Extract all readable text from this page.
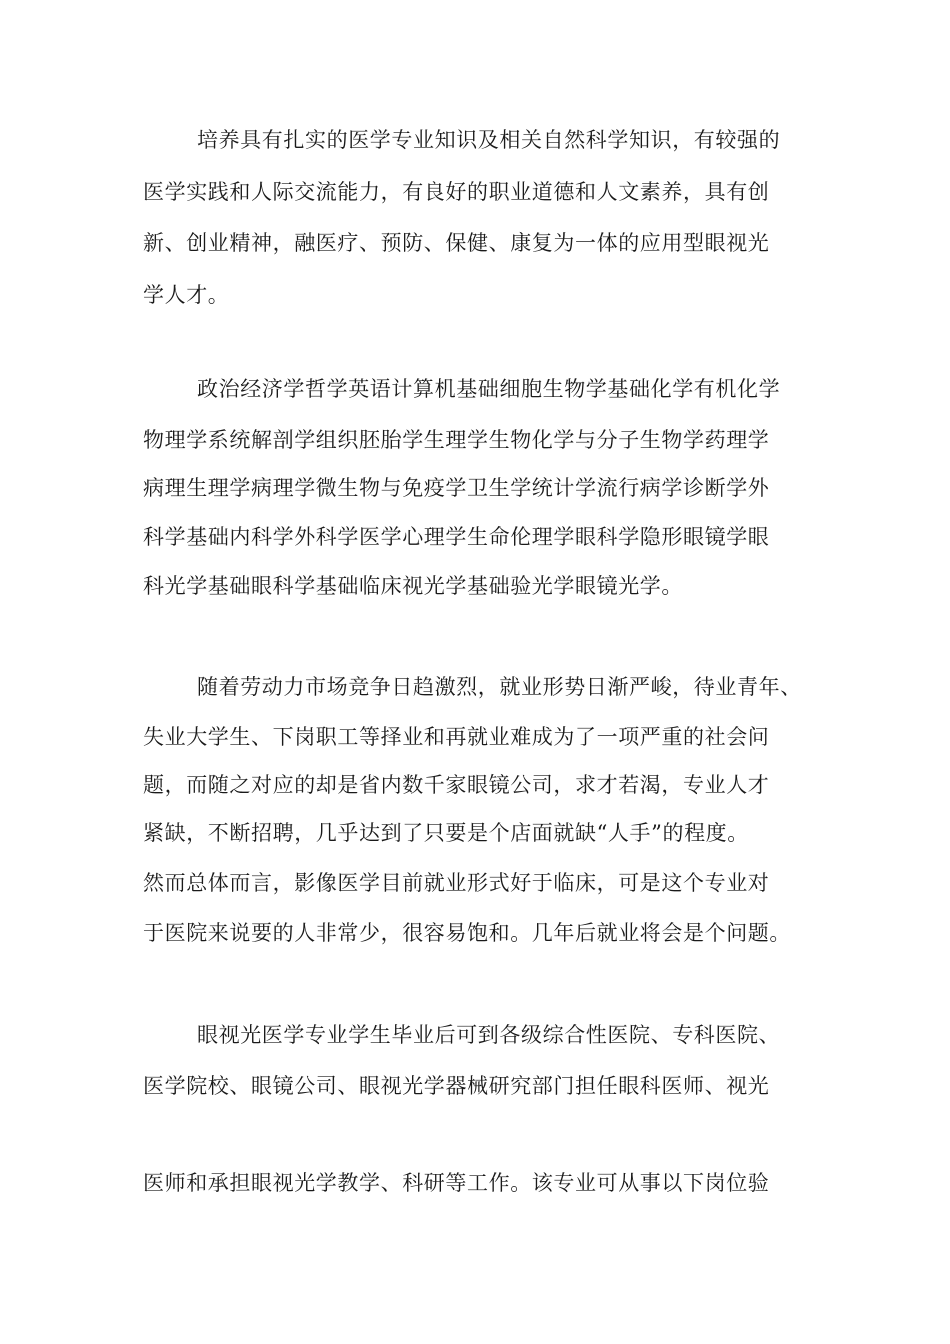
培养具有扎实的医学专业知识及相关自然科学知识，有较强的

医学实践和人际交流能力，有良好的职业道德和人文素养，具有创

新、创业精神，融医疗、预防、保健、康复为一体的应用型眼视光

学人才。

政治经济学哲学英语计算机基础细胞生物学基础化学有机化学

物理学系统解剖学组织胚胎学生理学生物化学与分子生物学药理学

病理生理学病理学微生物与免疫学卫生学统计学流行病学诊断学外

科学基础内科学外科学医学心理学生命伦理学眼科学隐形眼镜学眼

科光学基础眼科学基础临床视光学基础验光学眼镜光学。

随着劳动力市场竞争日趋激烈，就业形势日渐严峻，待业青年、

失业大学生、下岗职工等择业和再就业难成为了一项严重的社会问

题，而随之对应的却是省内数千家眼镜公司，求才若渴，专业人才

紧缺，不断招聘，几乎达到了只要是个店面就缺“人手”的程度。

然而总体而言，影像医学目前就业形式好于临床，可是这个专业对

于医院来说要的人非常少，很容易饱和。几年后就业将会是个问题。

眼视光医学专业学生毕业后可到各级综合性医院、专科医院、

医学院校、眼镜公司、眼视光学器械研究部门担任眼科医师、视光

医师和承担眼视光学教学、科研等工作。该专业可从事以下岗位验
